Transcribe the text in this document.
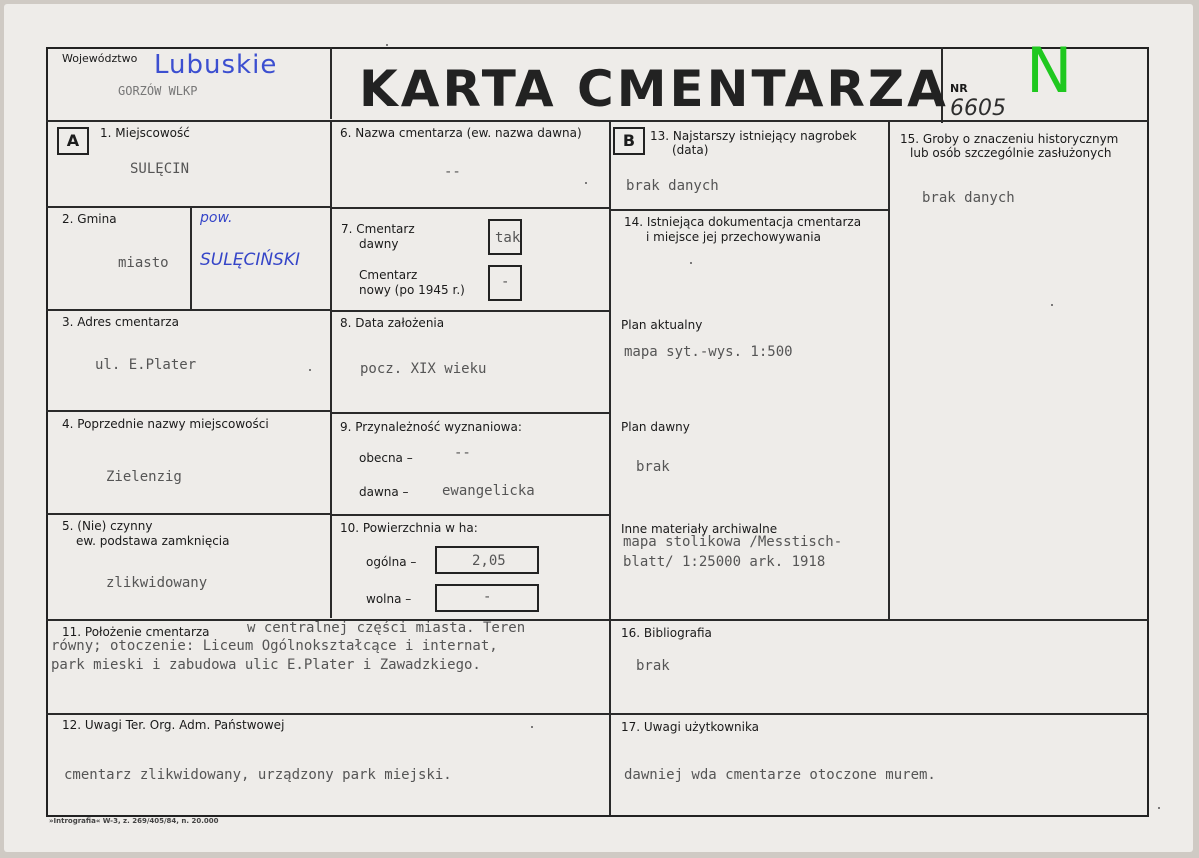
Województwo Lubuskie
GORZÓW WLKP	KARTA CMENTARZA NR
6605
N
A	B
1. Miejscowość
SULĘCIN
2. Gmina
miasto
pow.
SULĘCIŃSKI
3. Adres cmentarza
ul. E.Plater
4. Poprzednie nazwy miejscowości
Zielenzig
5. (Nie) czynny
ew. podstawa zamknięcia
zlikwidowany
6. Nazwa cmentarza (ew. nazwa dawna)
--
7. Cmentarz
dawny	tak
Cmentarz
nowy (po 1945 r.)	-
8. Data założenia
pocz. XIX wieku
9. Przynależność wyznaniowa:
obecna –	--
dawna – ewangelicka
10. Powierzchnia w ha:
ogólna –	2,05
wolna –	-
13. Najstarszy istniejący nagrobek
(data)
brak danych
14. Istniejąca dokumentacja cmentarza
i miejsce jej przechowywania
Plan aktualny
mapa syt.-wys. 1:500
Plan dawny
brak
Inne materiały archiwalne
mapa stolikowa /Messtisch-
blatt/ 1:25000 ark. 1918
15. Groby o znaczeniu historycznym
lub osób szczególnie zasłużonych
brak danych
11. Położenie cmentarza	w centralnej części miasta. Teren
równy; otoczenie: Liceum Ogólnokształcące i internat,
park mieski i zabudowa ulic E.Plater i Zawadzkiego.
16. Bibliografia
brak
12. Uwagi Ter. Org. Adm. Państwowej
cmentarz zlikwidowany, urządzony park miejski.
17. Uwagi użytkownika
dawniej wda cmentarze otoczone murem.
»Intrografia« W-3, z. 269/405/84, n. 20.000
